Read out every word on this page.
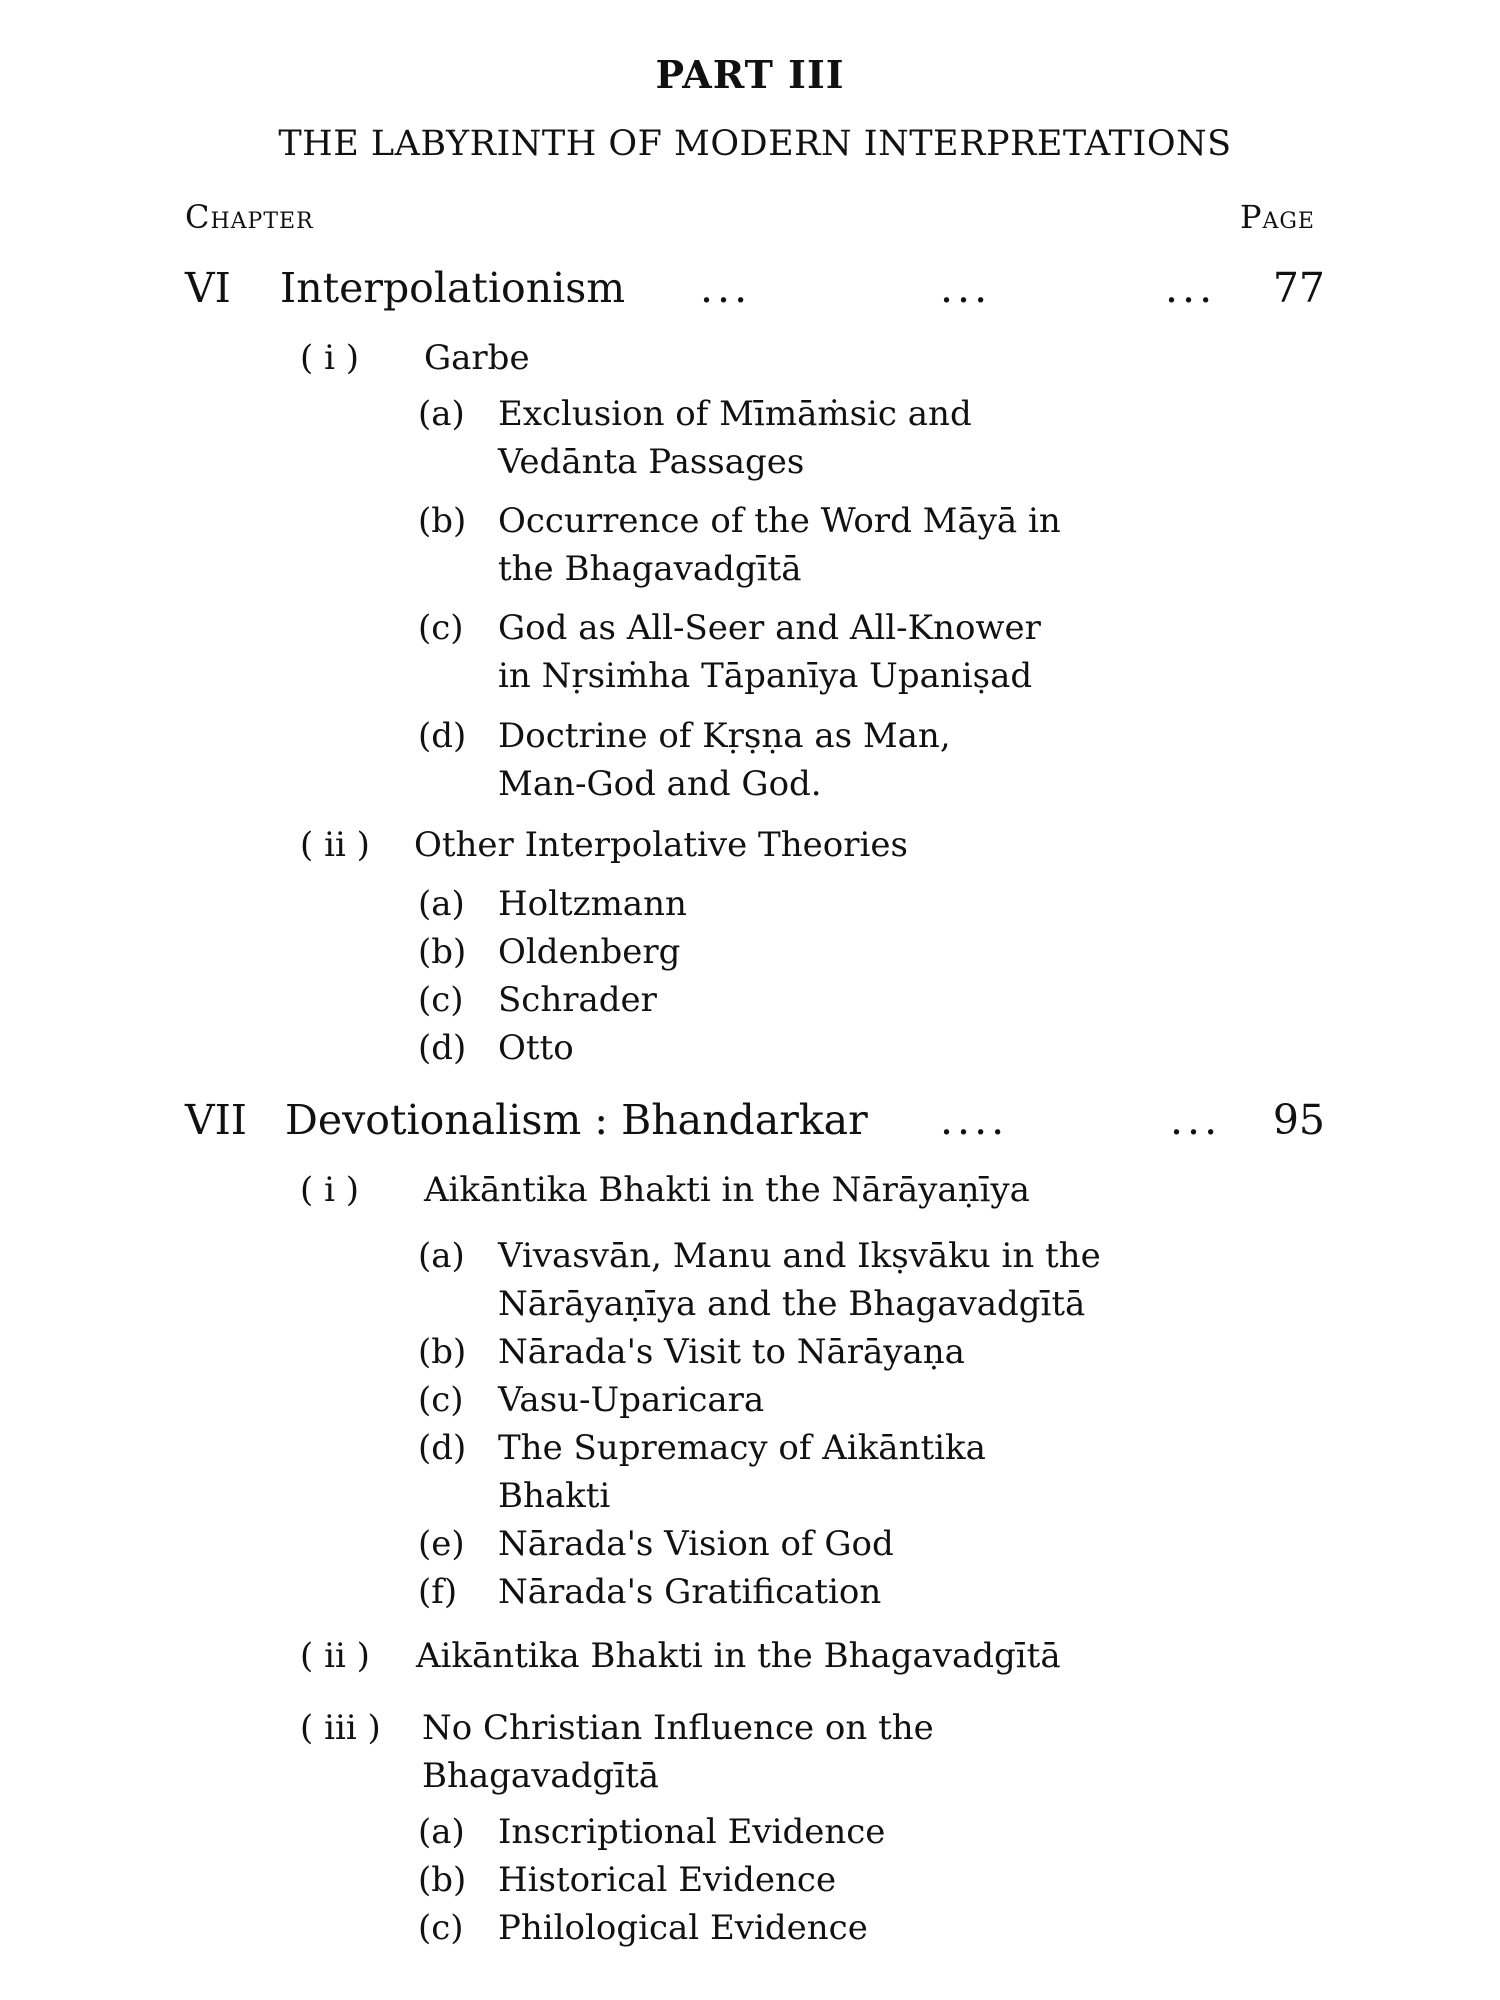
PART III
THE LABYRINTH OF MODERN INTERPRETATIONS
Chapter	Page
VI Interpolationism ...	...	... 77
( i )	Garbe
(a) Exclusion of Mīmāṁsic and
Vedānta Passages
(b) Occurrence of the Word Māyā in
the Bhagavadgītā
(c)	God as All-Seer and All-Knower
in Nṛsiṁha Tāpanīya Upaniṣad
(d) Doctrine of Kṛṣṇa as Man,
Man-God and God.
( ii )	Other Interpolative Theories
(a) Holtzmann
(b) Oldenberg
(c)	Schrader
(d) Otto
VII Devotionalism : Bhandarkar ....	... 95
( i )	Aikāntika Bhakti in the Nārāyaṇīya
(a) Vivasvān, Manu and Ikṣvāku in the
Nārāyaṇīya and the Bhagavadgītā
(b) Nārada's Visit to Nārāyaṇa
(c)	Vasu-Uparicara
(d) The Supremacy of Aikāntika
Bhakti
(e) Nārada's Vision of God
(f)	Nārada's Gratification
( ii )	Aikāntika Bhakti in the Bhagavadgītā
( iii ) No Christian Influence on the
Bhagavadgītā
(a) Inscriptional Evidence
(b) Historical Evidence
(c)	Philological Evidence
